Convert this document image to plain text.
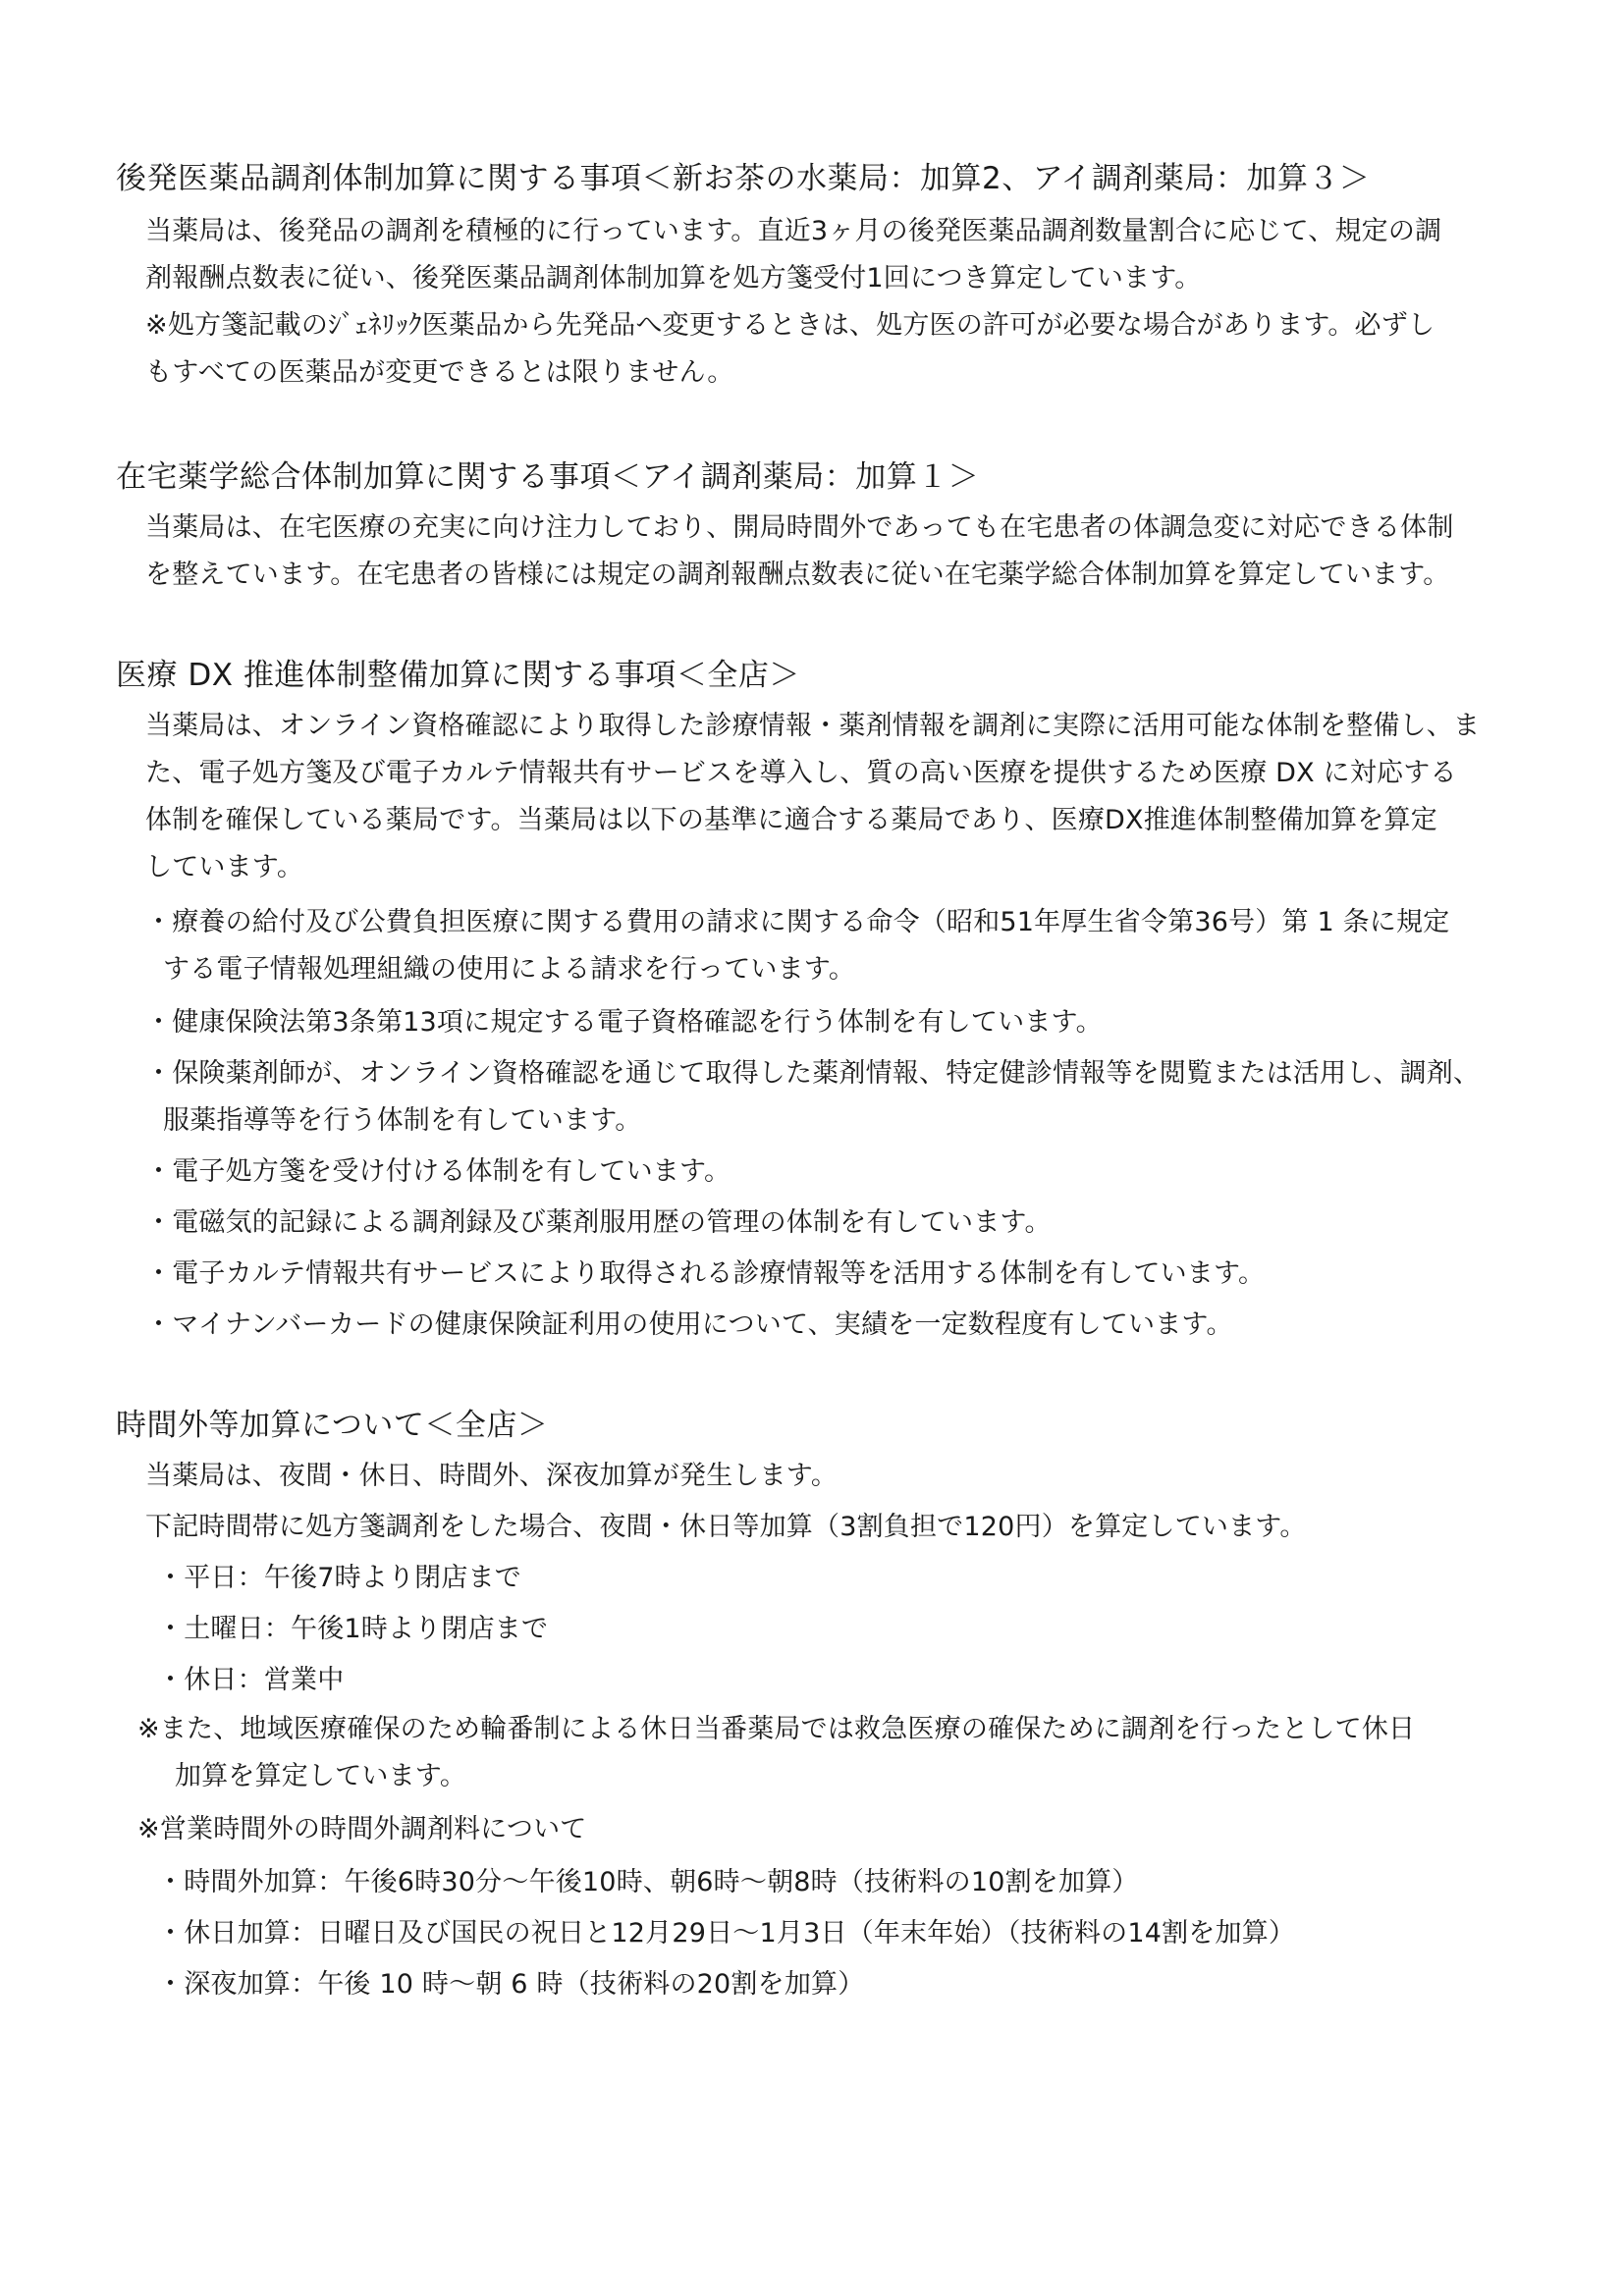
後発医薬品調剤体制加算に関する事項＜新お茶の水薬局：加算2、アイ調剤薬局：加算３＞
当薬局は、後発品の調剤を積極的に行っています。直近3ヶ月の後発医薬品調剤数量割合に応じて、規定の調
剤報酬点数表に従い、後発医薬品調剤体制加算を処方箋受付1回につき算定しています。
※処方箋記載のｼﾞｪﾈﾘｯｸ医薬品から先発品へ変更するときは、処方医の許可が必要な場合があります。必ずし
もすべての医薬品が変更できるとは限りません。
在宅薬学総合体制加算に関する事項＜アイ調剤薬局：加算１＞
当薬局は、在宅医療の充実に向け注力しており、開局時間外であっても在宅患者の体調急変に対応できる体制
を整えています。在宅患者の皆様には規定の調剤報酬点数表に従い在宅薬学総合体制加算を算定しています。
医療 DX 推進体制整備加算に関する事項＜全店＞
当薬局は、オンライン資格確認により取得した診療情報・薬剤情報を調剤に実際に活用可能な体制を整備し、ま
た、電子処方箋及び電子カルテ情報共有サービスを導入し、質の高い医療を提供するため医療 DX に対応する
体制を確保している薬局です。当薬局は以下の基準に適合する薬局であり、医療DX推進体制整備加算を算定
しています。
・療養の給付及び公費負担医療に関する費用の請求に関する命令（昭和51年厚生省令第36号）第 1 条に規定
する電子情報処理組織の使用による請求を行っています。
・健康保険法第3条第13項に規定する電子資格確認を行う体制を有しています。
・保険薬剤師が、オンライン資格確認を通じて取得した薬剤情報、特定健診情報等を閲覧または活用し、調剤、
服薬指導等を行う体制を有しています。
・電子処方箋を受け付ける体制を有しています。
・電磁気的記録による調剤録及び薬剤服用歴の管理の体制を有しています。
・電子カルテ情報共有サービスにより取得される診療情報等を活用する体制を有しています。
・マイナンバーカードの健康保険証利用の使用について、実績を一定数程度有しています。
時間外等加算について＜全店＞
当薬局は、夜間・休日、時間外、深夜加算が発生します。
下記時間帯に処方箋調剤をした場合、夜間・休日等加算（3割負担で120円）を算定しています。
・平日：午後7時より閉店まで
・土曜日：午後1時より閉店まで
・休日：営業中
※また、地域医療確保のため輪番制による休日当番薬局では救急医療の確保ために調剤を行ったとして休日
加算を算定しています。
※営業時間外の時間外調剤料について
・時間外加算：午後6時30分～午後10時、朝6時～朝8時（技術料の10割を加算）
・休日加算：日曜日及び国民の祝日と12月29日～1月3日（年末年始）（技術料の14割を加算）
・深夜加算：午後 10 時～朝 6 時（技術料の20割を加算）
